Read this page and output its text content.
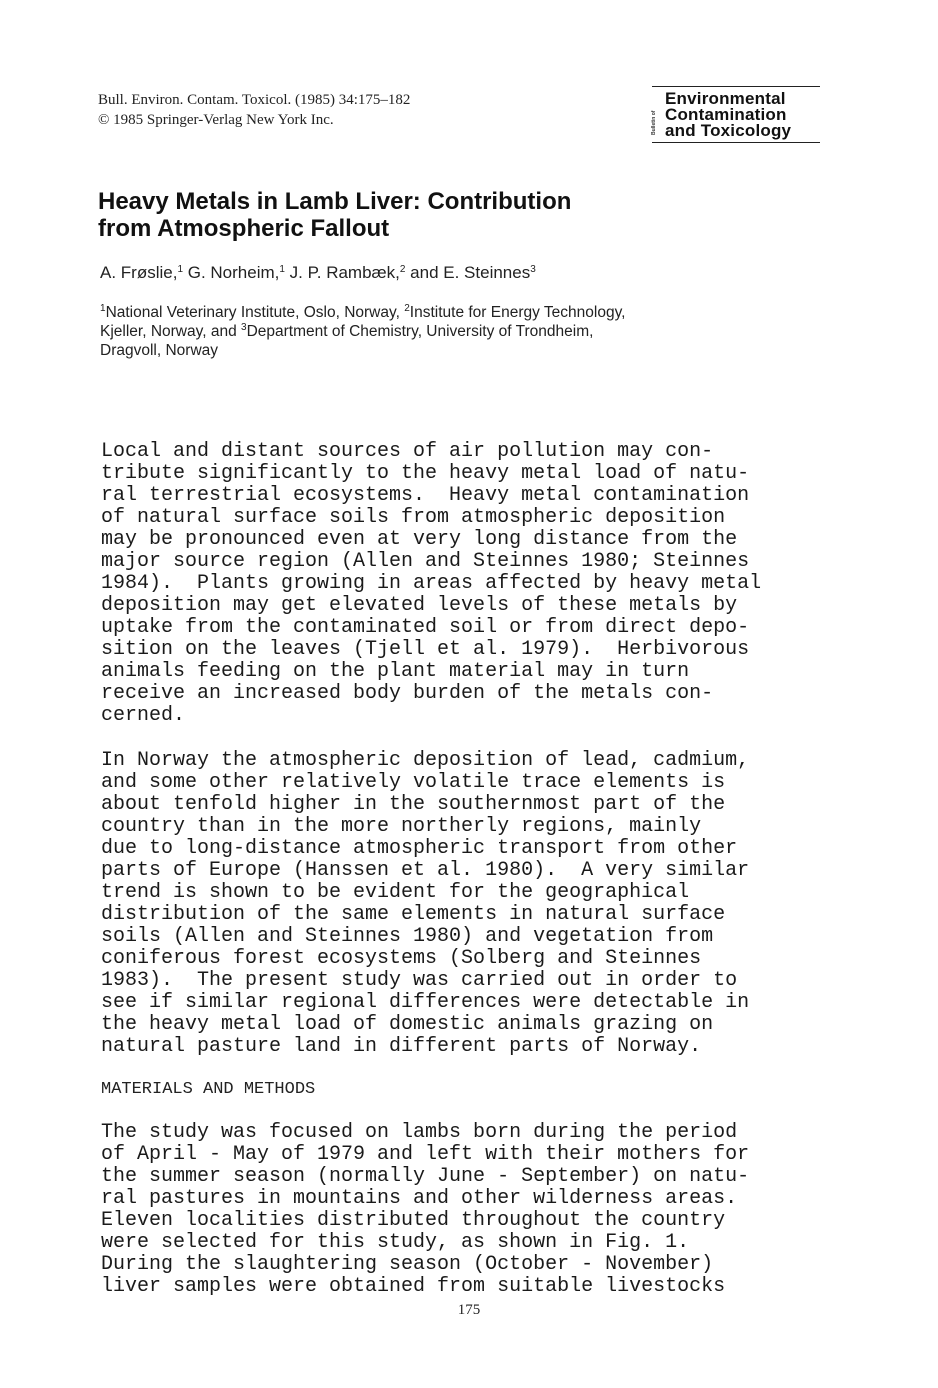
Bull. Environ. Contam. Toxicol. (1985) 34:175–182
© 1985 Springer-Verlag New York Inc.	Bulletin of
Environmental
Contamination
and Toxicology
Heavy Metals in Lamb Liver: Contribution
from Atmospheric Fallout
A. Frøslie,$^1$ G. Norheim,$^1$ J. P. Rambæk,$^2$ and E. Steinnes$^3$
$^1$National Veterinary Institute, Oslo, Norway, $^2$Institute for Energy Technology,
Kjeller, Norway, and $^3$Department of Chemistry, University of Trondheim,
Dragvoll, Norway
Local and distant sources of air pollution may con-
tribute significantly to the heavy metal load of natu-
ral terrestrial ecosystems.  Heavy metal contamination
of natural surface soils from atmospheric deposition
may be pronounced even at very long distance from the
major source region (Allen and Steinnes 1980; Steinnes
1984).  Plants growing in areas affected by heavy metal
deposition may get elevated levels of these metals by
uptake from the contaminated soil or from direct depo-
sition on the leaves (Tjell et al. 1979).  Herbivorous
animals feeding on the plant material may in turn
receive an increased body burden of the metals con-
cerned.
In Norway the atmospheric deposition of lead, cadmium,
and some other relatively volatile trace elements is
about tenfold higher in the southernmost part of the
country than in the more northerly regions, mainly
due to long-distance atmospheric transport from other
parts of Europe (Hanssen et al. 1980).  A very similar
trend is shown to be evident for the geographical
distribution of the same elements in natural surface
soils (Allen and Steinnes 1980) and vegetation from
coniferous forest ecosystems (Solberg and Steinnes
1983).  The present study was carried out in order to
see if similar regional differences were detectable in
the heavy metal load of domestic animals grazing on
natural pasture land in different parts of Norway.
MATERIALS AND METHODS
The study was focused on lambs born during the period
of April - May of 1979 and left with their mothers for
the summer season (normally June - September) on natu-
ral pastures in mountains and other wilderness areas.
Eleven localities distributed throughout the country
were selected for this study, as shown in Fig. 1.
During the slaughtering season (October - November)
liver samples were obtained from suitable livestocks
175
